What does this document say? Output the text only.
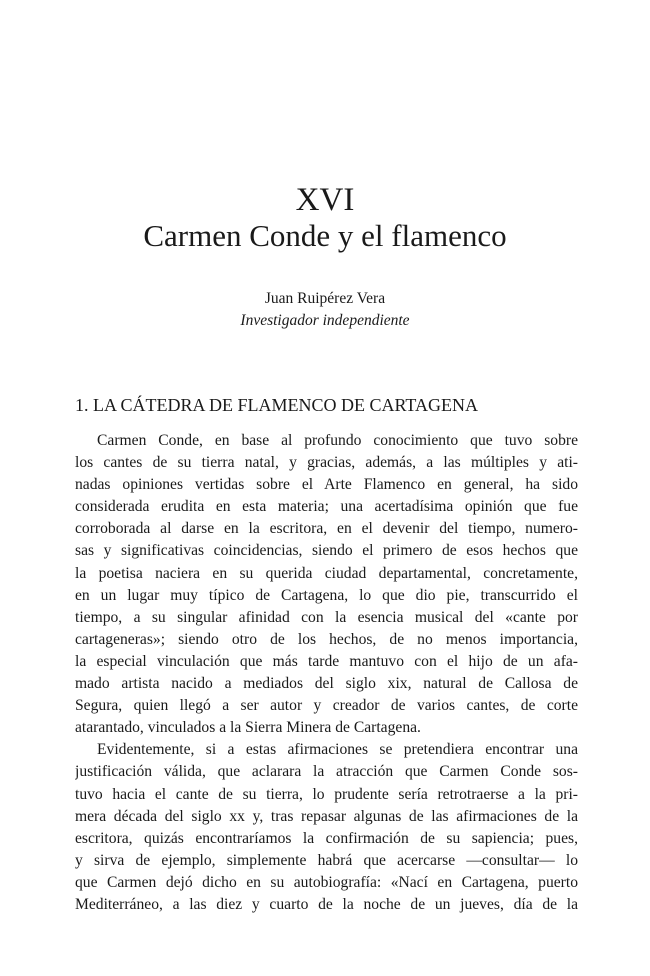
XVI
Carmen Conde y el flamenco
Juan Ruipérez Vera
Investigador independiente
1. LA CÁTEDRA DE FLAMENCO DE CARTAGENA
Carmen Conde, en base al profundo conocimiento que tuvo sobre
los cantes de su tierra natal, y gracias, además, a las múltiples y ati-
nadas opiniones vertidas sobre el Arte Flamenco en general, ha sido
considerada erudita en esta materia; una acertadísima opinión que fue
corroborada al darse en la escritora, en el devenir del tiempo, numero-
sas y significativas coincidencias, siendo el primero de esos hechos que
la poetisa naciera en su querida ciudad departamental, concretamente,
en un lugar muy típico de Cartagena, lo que dio pie, transcurrido el
tiempo, a su singular afinidad con la esencia musical del «cante por
cartageneras»; siendo otro de los hechos, de no menos importancia,
la especial vinculación que más tarde mantuvo con el hijo de un afa-
mado artista nacido a mediados del siglo xix, natural de Callosa de
Segura, quien llegó a ser autor y creador de varios cantes, de corte
atarantado, vinculados a la Sierra Minera de Cartagena.
Evidentemente, si a estas afirmaciones se pretendiera encontrar una
justificación válida, que aclarara la atracción que Carmen Conde sos-
tuvo hacia el cante de su tierra, lo prudente sería retrotraerse a la pri-
mera década del siglo xx y, tras repasar algunas de las afirmaciones de la
escritora, quizás encontraríamos la confirmación de su sapiencia; pues,
y sirva de ejemplo, simplemente habrá que acercarse —consultar— lo
que Carmen dejó dicho en su autobiografía: «Nací en Cartagena, puerto
Mediterráneo, a las diez y cuarto de la noche de un jueves, día de la
